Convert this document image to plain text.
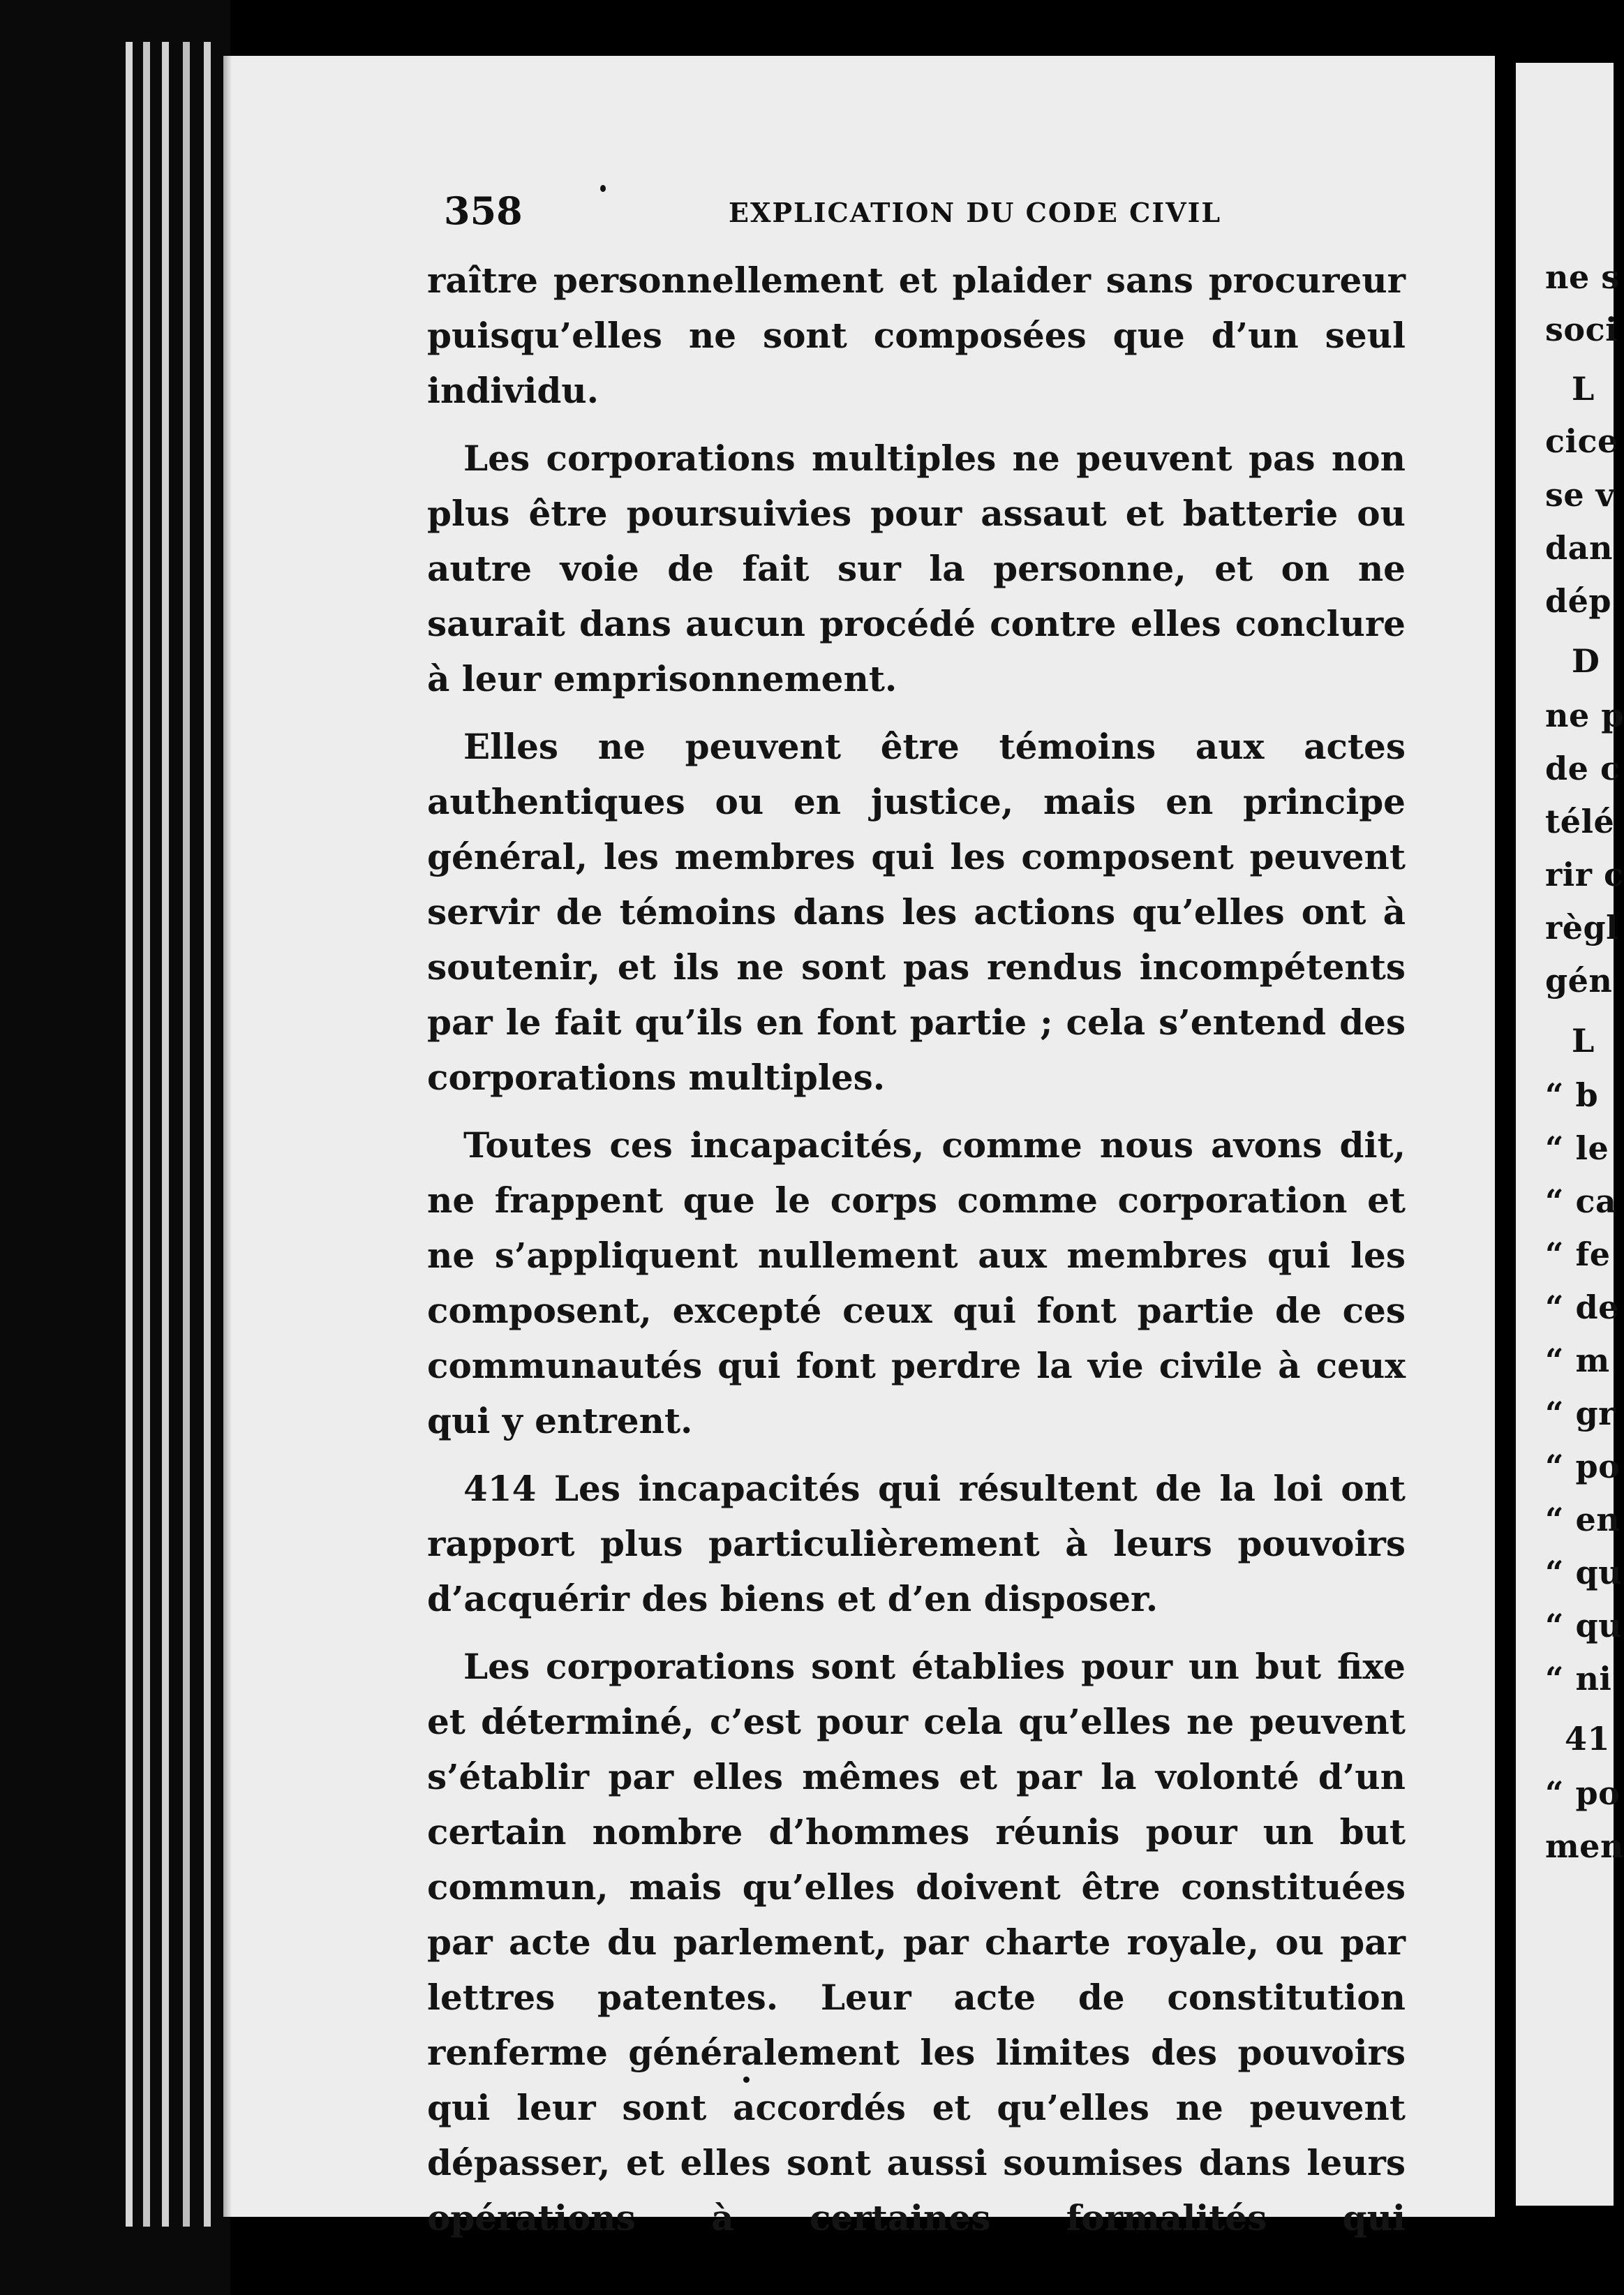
358	EXPLICATION DU CODE CIVIL

raître personnellement et plaider sans procureur puisqu’elles ne sont composées que d’un seul individu.

Les corporations multiples ne peuvent pas non plus être poursuivies pour assaut et batterie ou autre voie de fait sur la personne, et on ne saurait dans aucun procédé contre elles conclure à leur emprisonnement.

Elles ne peuvent être témoins aux actes authentiques ou en justice, mais en principe général, les membres qui les composent peuvent servir de témoins dans les actions qu’elles ont à soutenir, et ils ne sont pas rendus incompétents par le fait qu’ils en font partie ; cela s’entend des corporations multiples.

Toutes ces incapacités, comme nous avons dit, ne frappent que le corps comme corporation et ne s’appliquent nullement aux membres qui les composent, excepté ceux qui font partie de ces communautés qui font perdre la vie civile à ceux qui y entrent.

414 Les incapacités qui résultent de la loi ont rapport plus particulièrement à leurs pouvoirs d’acquérir des biens et d’en disposer.

Les corporations sont établies pour un but fixe et déterminé, c’est pour cela qu’elles ne peuvent s’établir par elles mêmes et par la volonté d’un certain nombre d’hommes réunis pour un but commun, mais qu’elles doivent être constituées par acte du parlement, par charte royale, ou par lettres patentes. Leur acte de constitution renferme généralement les limites des pouvoirs qui leur sont accordés et qu’elles ne peuvent dépasser, et elles sont aussi soumises dans leurs opérations à certaines formalités qui

ne s
soci
L
cice
se v
dan
dép
D
ne p
de c
télé
rir c
règl
gén
L
“ b
“ le
“ ca
“ fe
“ de
“ m
“ gr
“ po
“ en
“ qu
“ qu
“ ni
41
“ po
men
